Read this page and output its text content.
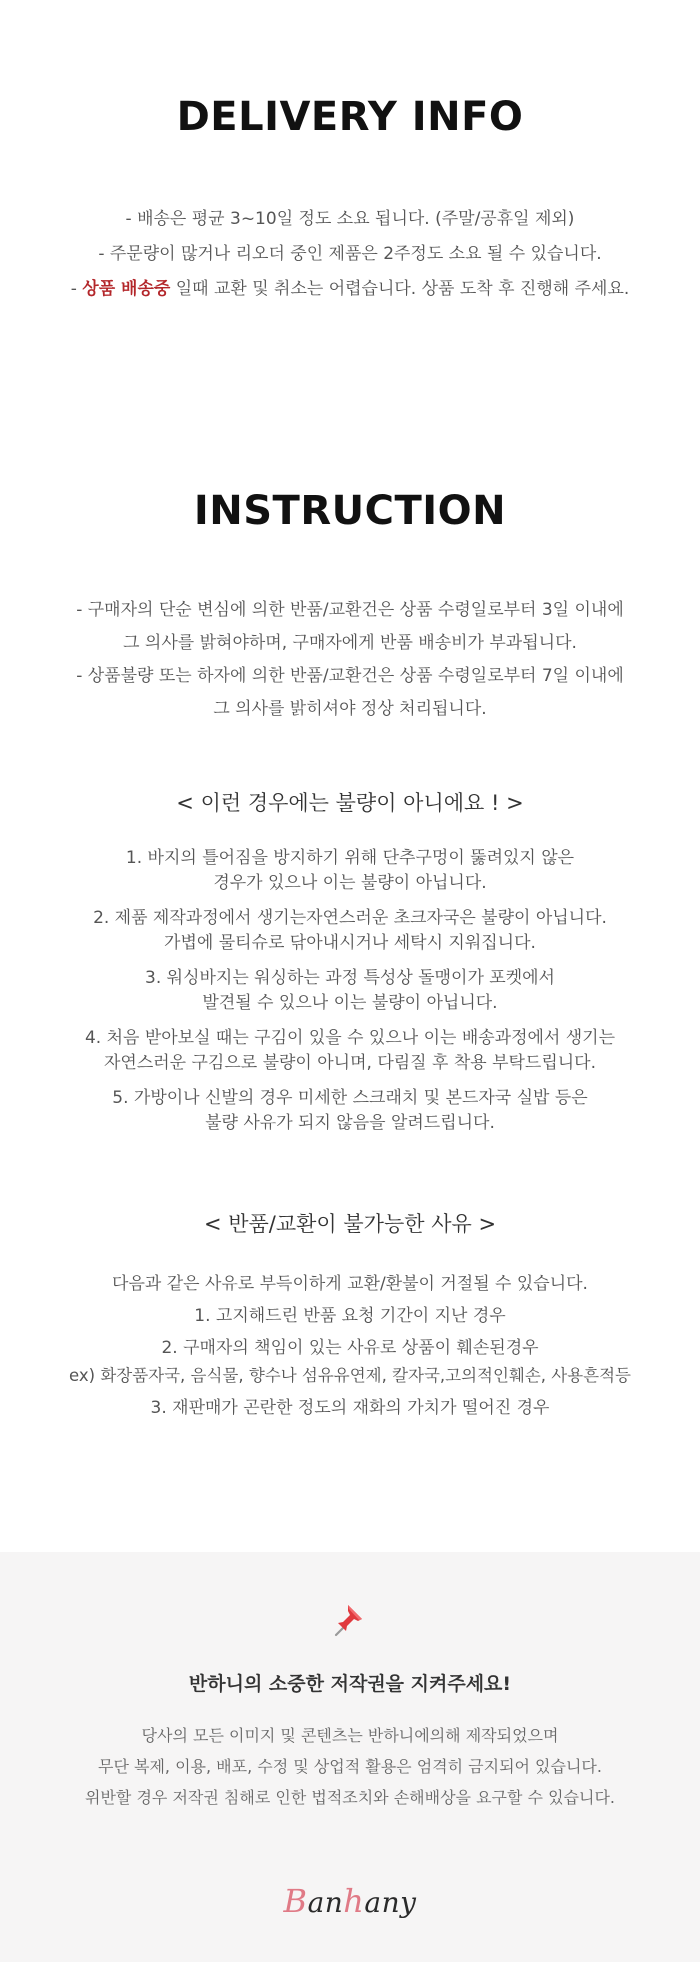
DELIVERY INFO

- 배송은 평균 3~10일 정도 소요 됩니다. (주말/공휴일 제외)

- 주문량이 많거나 리오더 중인 제품은 2주정도 소요 될 수 있습니다.

- 상품 배송중 일때 교환 및 취소는 어렵습니다. 상품 도착 후 진행해 주세요.

INSTRUCTION

- 구매자의 단순 변심에 의한 반품/교환건은 상품 수령일로부터 3일 이내에

그 의사를 밝혀야하며, 구매자에게 반품 배송비가 부과됩니다.

- 상품불량 또는 하자에 의한 반품/교환건은 상품 수령일로부터 7일 이내에

그 의사를 밝히셔야 정상 처리됩니다.

< 이런 경우에는 불량이 아니에요 ! >

1. 바지의 틀어짐을 방지하기 위해 단추구멍이 뚫려있지 않은

경우가 있으나 이는 불량이 아닙니다.

2. 제품 제작과정에서 생기는자연스러운 초크자국은 불량이 아닙니다.

가볍에 물티슈로 닦아내시거나 세탁시 지워집니다.

3. 워싱바지는 워싱하는 과정 특성상 돌맹이가 포켓에서

발견될 수 있으나 이는 불량이 아닙니다.

4. 처음 받아보실 때는 구김이 있을 수 있으나 이는 배송과정에서 생기는

자연스러운 구김으로 불량이 아니며, 다림질 후 착용 부탁드립니다.

5. 가방이나 신발의 경우 미세한 스크래치 및 본드자국 실밥 등은

불량 사유가 되지 않음을 알려드립니다.

< 반품/교환이 불가능한 사유 >

다음과 같은 사유로 부득이하게 교환/환불이 거절될 수 있습니다.

1. 고지해드린 반품 요청 기간이 지난 경우

2. 구매자의 책임이 있는 사유로 상품이 훼손된경우

ex) 화장품자국, 음식물, 향수나 섬유유연제, 칼자국,고의적인훼손, 사용흔적등

3. 재판매가 곤란한 정도의 재화의 가치가 떨어진 경우

반하니의 소중한 저작권을 지켜주세요!

당사의 모든 이미지 및 콘텐츠는 반하니에의해 제작되었으며

무단 복제, 이용, 배포, 수정 및 상업적 활용은 엄격히 금지되어 있습니다.

위반할 경우 저작권 침해로 인한 법적조치와 손해배상을 요구할 수 있습니다.

Banhany
